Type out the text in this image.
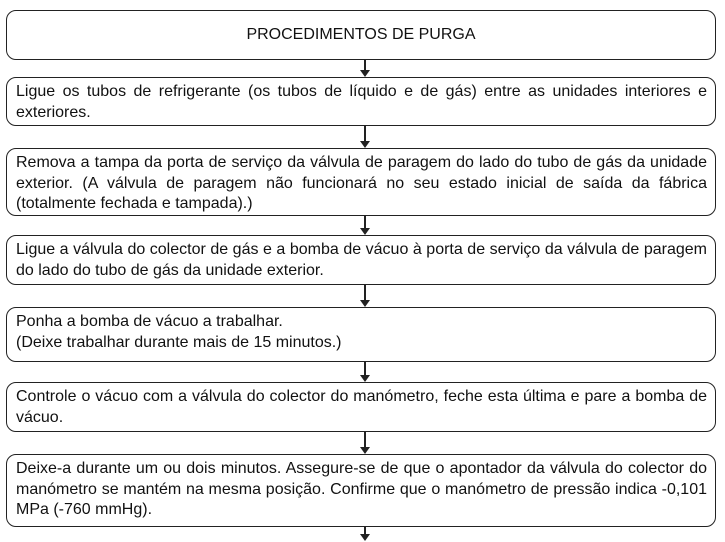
PROCEDIMENTOS DE PURGA

Ligue os tubos de refrigerante (os tubos de líquido e de gás) entre as unidades interiores e exteriores.

Remova a tampa da porta de serviço da válvula de paragem do lado do tubo de gás da unidade exterior. (A válvula de paragem não funcionará no seu estado inicial de saída da fábrica (totalmente fechada e tampada).)

Ligue a válvula do colector de gás e a bomba de vácuo à porta de serviço da válvula de paragem do lado do tubo de gás da unidade exterior.

Ponha a bomba de vácuo a trabalhar.

(Deixe trabalhar durante mais de 15 minutos.)

Controle o vácuo com a válvula do colector do manómetro, feche esta última e pare a bomba de vácuo.

Deixe-a durante um ou dois minutos. Assegure-se de que o apontador da válvula do colector do manómetro se mantém na mesma posição. Confirme que o manómetro de pressão indica -0,101 MPa (-760 mmHg).
